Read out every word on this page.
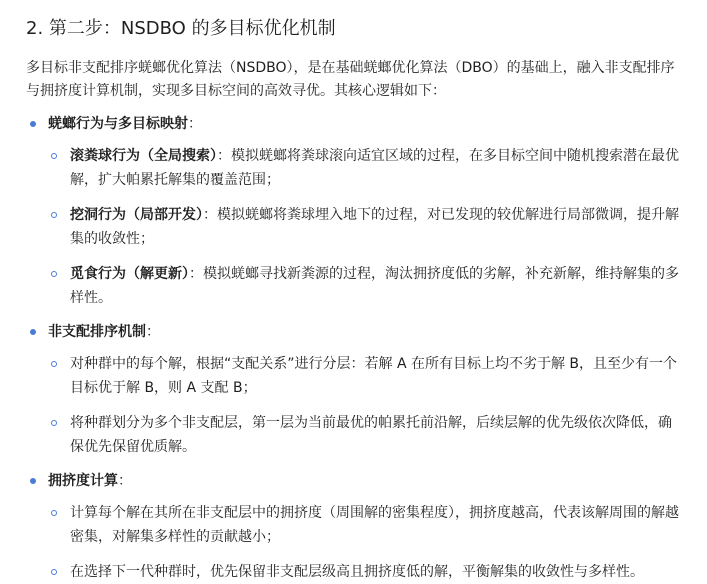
2. 第二步：NSDBO 的多目标优化机制

多目标非支配排序蜣螂优化算法（NSDBO），是在基础蜣螂优化算法（DBO）的基础上，融入非支配排序与拥挤度计算机制，实现多目标空间的高效寻优。其核心逻辑如下：

蜣螂行为与多目标映射：
滚粪球行为（全局搜索）：模拟蜣螂将粪球滚向适宜区域的过程，在多目标空间中随机搜索潜在最优解，扩大帕累托解集的覆盖范围；
挖洞行为（局部开发）：模拟蜣螂将粪球埋入地下的过程，对已发现的较优解进行局部微调，提升解集的收敛性；
觅食行为（解更新）：模拟蜣螂寻找新粪源的过程，淘汰拥挤度低的劣解，补充新解，维持解集的多样性。
非支配排序机制：
对种群中的每个解，根据“支配关系”进行分层：若解 A 在所有目标上均不劣于解 B，且至少有一个目标优于解 B，则 A 支配 B；
将种群划分为多个非支配层，第一层为当前最优的帕累托前沿解，后续层解的优先级依次降低，确保优先保留优质解。
拥挤度计算：
计算每个解在其所在非支配层中的拥挤度（周围解的密集程度），拥挤度越高，代表该解周围的解越密集，对解集多样性的贡献越小；
在选择下一代种群时，优先保留非支配层级高且拥挤度低的解，平衡解集的收敛性与多样性。
